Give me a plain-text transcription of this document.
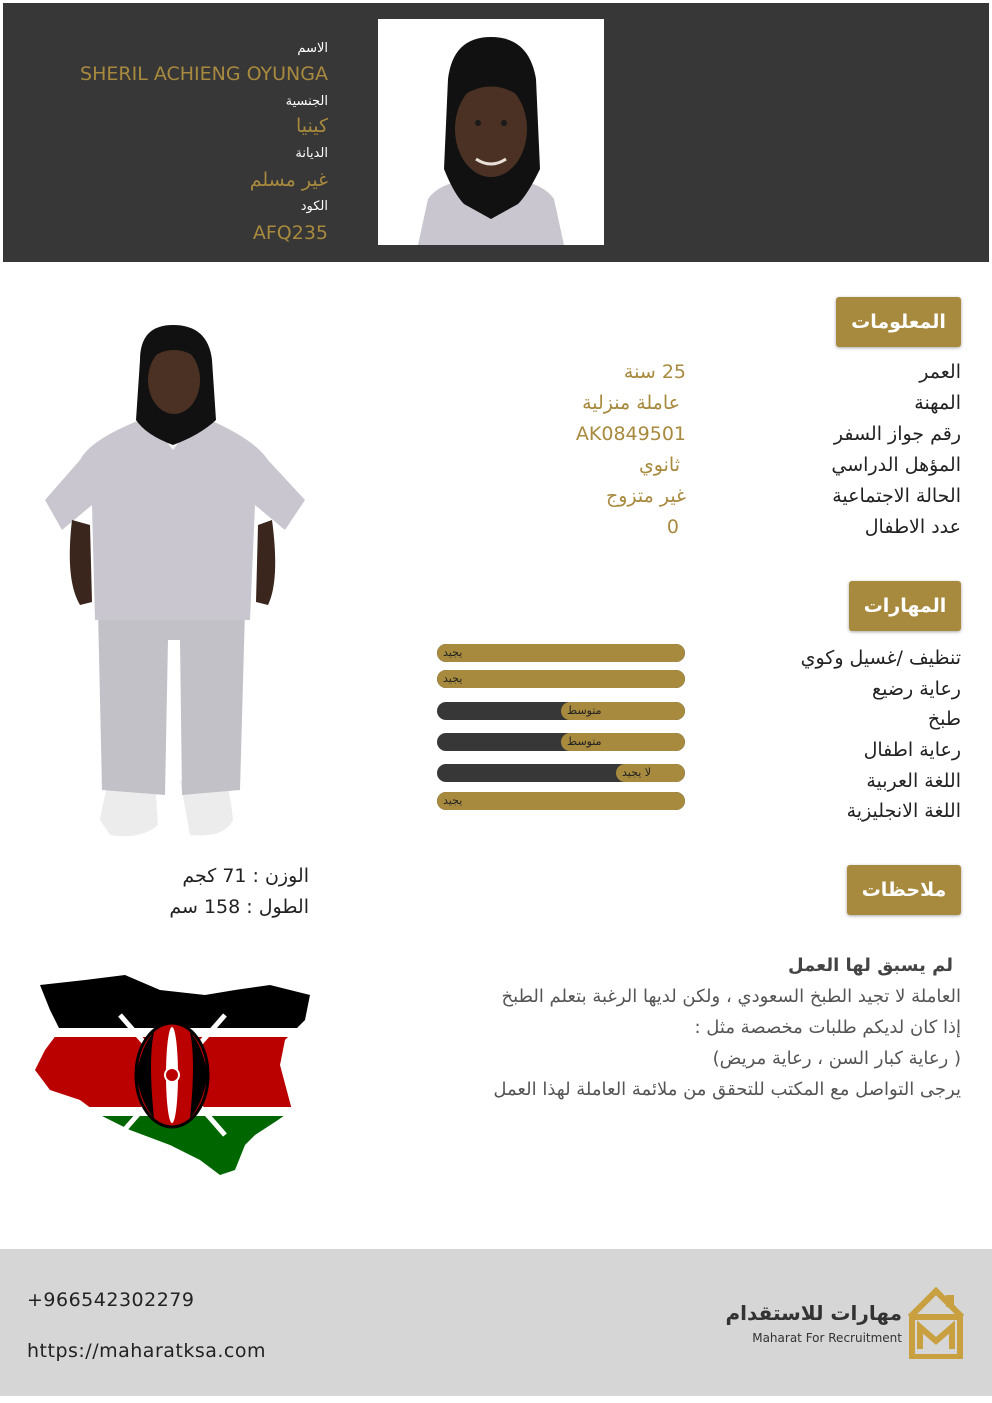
الاسم
SHERIL ACHIENG OYUNGA
الجنسية
كينيا
الديانة
غير مسلم
الكود
AFQ235
المعلومات
العمر
25 سنة
المهنة
عاملة منزلية
رقم جواز السفر
AK0849501
المؤهل الدراسي
ثانوي
الحالة الاجتماعية
غير متزوج
عدد الاطفال
0
المهارات
تنظيف /غسيل وكوي
يجيد
رعاية رضيع
يجيد
طبخ
متوسط
رعاية اطفال
متوسط
اللغة العربية
لا يجيد
اللغة الانجليزية
يجيد
الوزن : 71 كجم
الطول : 158 سم
ملاحظات
لم يسبق لها العمل
العاملة لا تجيد الطبخ السعودي ، ولكن لديها الرغبة بتعلم الطبخ
إذا كان لديكم طلبات مخصصة مثل :
( رعاية كبار السن ، رعاية مريض)
يرجى التواصل مع المكتب للتحقق من ملائمة العاملة لهذا العمل
+966542302279
https://maharatksa.com
مهارات للاستقدام
Maharat For Recruitment
